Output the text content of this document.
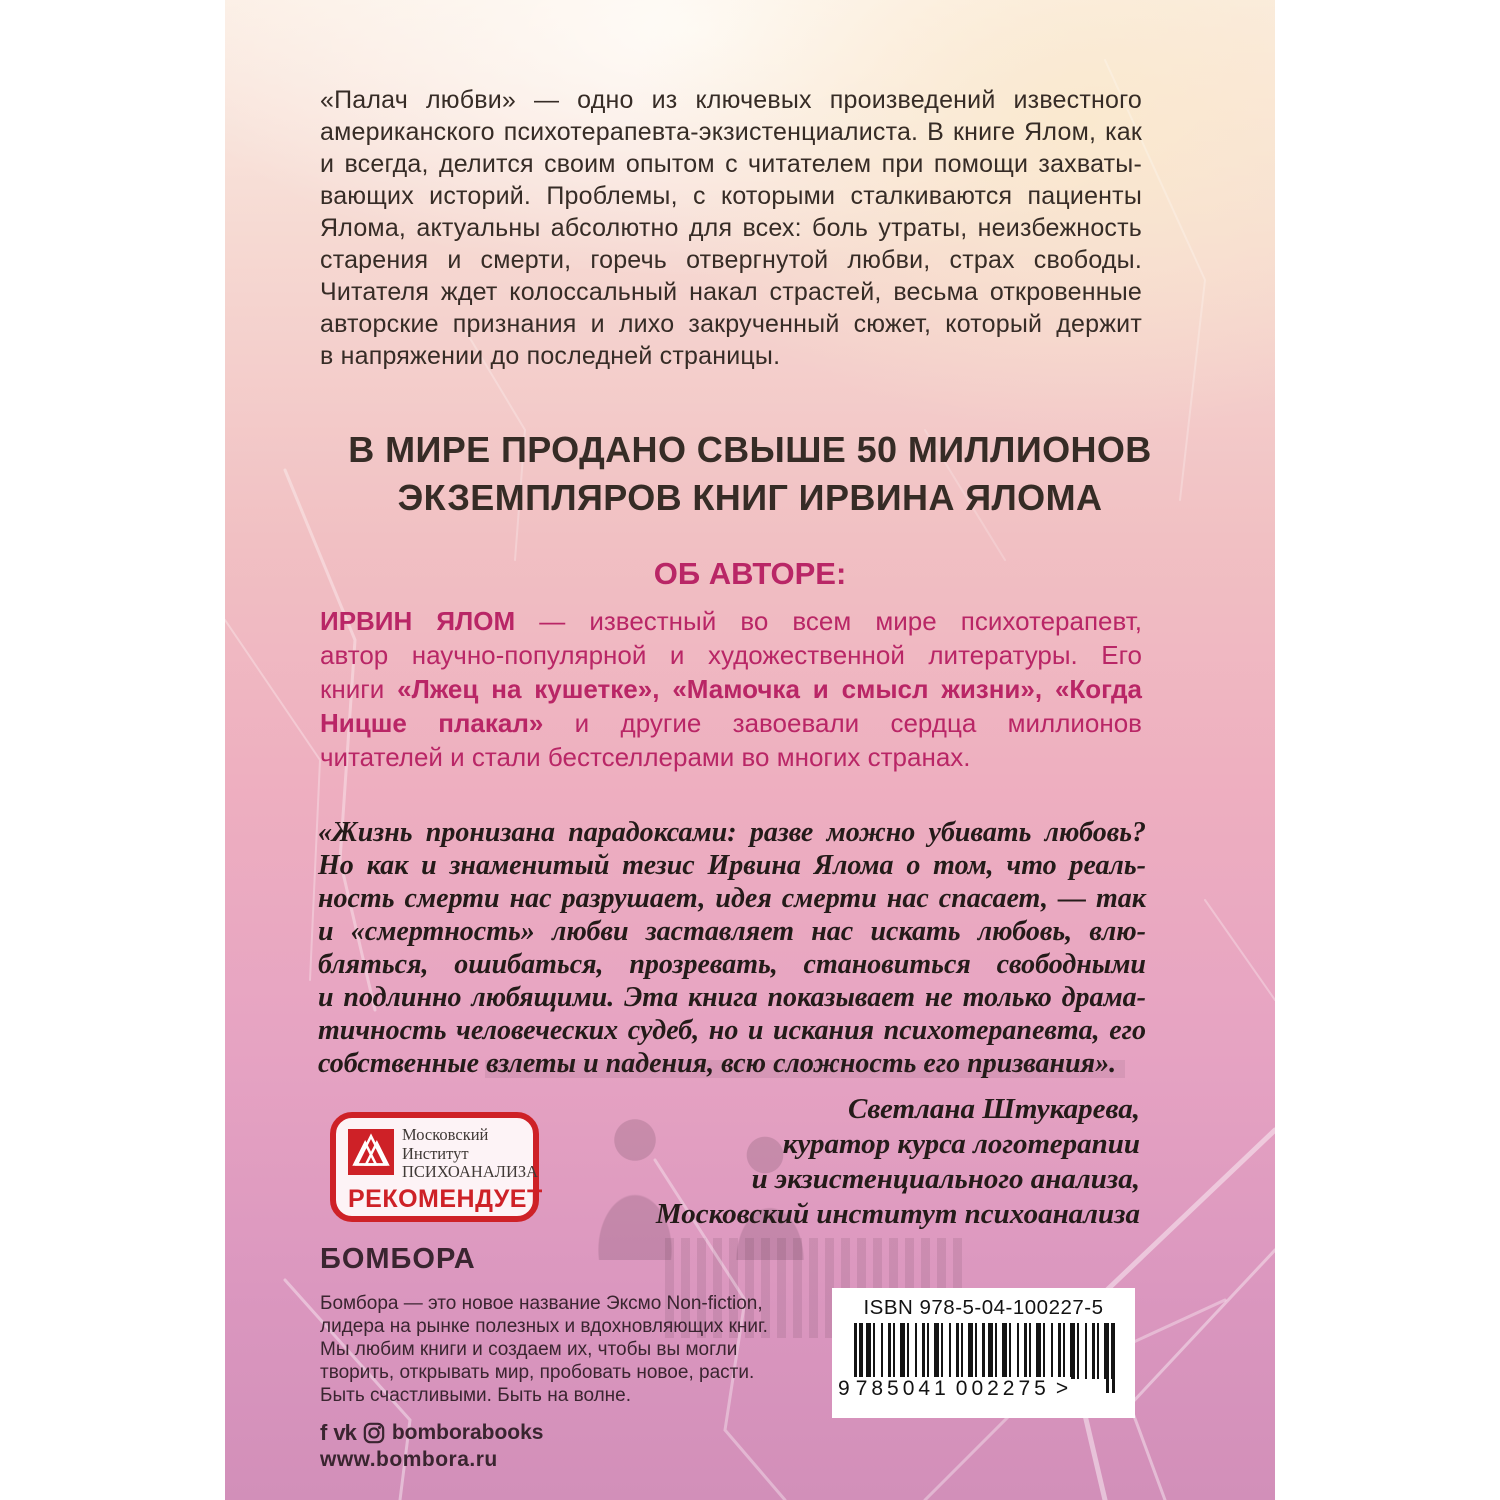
«Палач любви» — одно из ключевых произведений известного
американского психотерапевта-экзистенциалиста. В книге Ялом, как
и всегда, делится своим опытом с читателем при помощи захваты-
вающих историй. Проблемы, с которыми сталкиваются пациенты
Ялома, актуальны абсолютно для всех: боль утраты, неизбежность
старения и смерти, горечь отвергнутой любви, страх свободы.
Читателя ждет колоссальный накал страстей, весьма откровенные
авторские признания и лихо закрученный сюжет, который держит
в напряжении до последней страницы.
В МИРЕ ПРОДАНО СВЫШЕ 50 МИЛЛИОНОВ
ЭКЗЕМПЛЯРОВ КНИГ ИРВИНА ЯЛОМА
ОБ АВТОРЕ:
ИРВИН ЯЛОМ — известный во всем мире психотерапевт,
автор научно-популярной и художественной литературы. Его
книги «Лжец на кушетке», «Мамочка и смысл жизни», «Когда
Ницше плакал» и другие завоевали сердца миллионов
читателей и стали бестселлерами во многих странах.
«Жизнь пронизана парадоксами: разве можно убивать любовь?
Но как и знаменитый тезис Ирвина Ялома о том, что реаль-
ность смерти нас разрушает, идея смерти нас спасает, — так
и «смертность» любви заставляет нас искать любовь, влю-
бляться, ошибаться, прозревать, становиться свободными
и подлинно любящими. Эта книга показывает не только драма-
тичность человеческих судеб, но и искания психотерапевта, его
собственные взлеты и падения, всю сложность его призвания».
Светлана Штукарева,
куратор курса логотерапии
и экзистенциального анализа,
Московский институт психоанализа
Московский
Институт
ПСИХОАНАЛИЗА
РЕКОМЕНДУЕТ
БОМБОРА
Бомбора — это новое название Эксмо Non-fiction,
лидера на рынке полезных и вдохновляющих книг.
Мы любим книги и создаем их, чтобы вы могли
творить, открывать мир, пробовать новое, расти.
Быть счастливыми. Быть на волне.
f vk bomborabooks
www.bombora.ru
ISBN 978-5-04-100227-5
9 785041 002275 >
